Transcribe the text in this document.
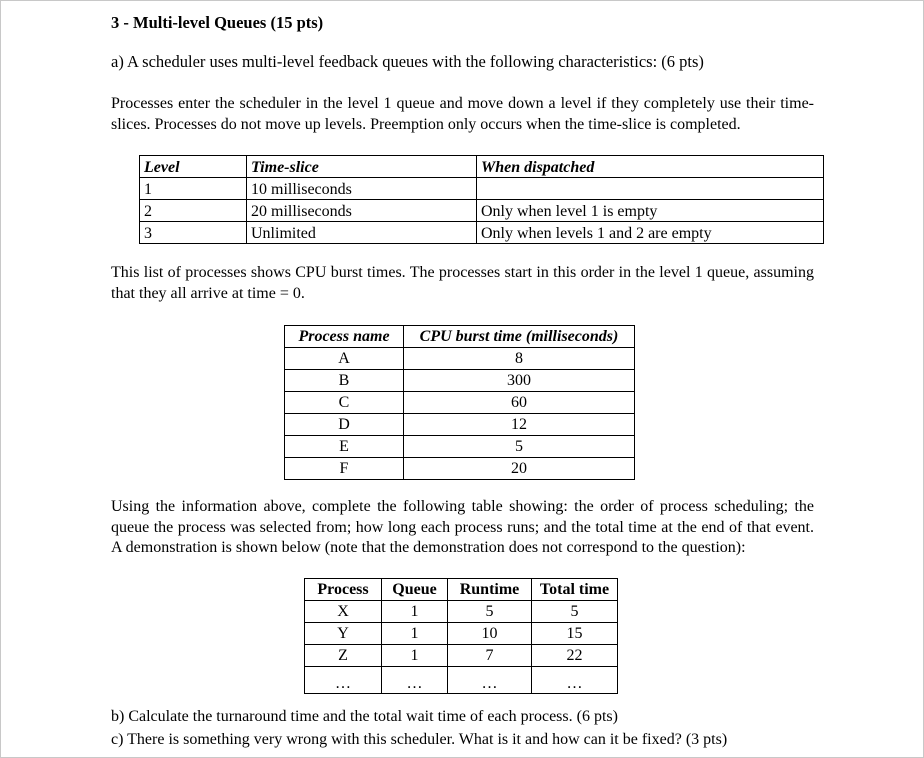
3 - Multi-level Queues (15 pts)
a) A scheduler uses multi-level feedback queues with the following characteristics: (6 pts)

Processes enter the scheduler in the level 1 queue and move down a level if they completely use their time-slices. Processes do not move up levels. Preemption only occurs when the time-slice is completed.

Level	Time-slice	When dispatched
1	10 milliseconds	
2	20 milliseconds	Only when level 1 is empty
3	Unlimited	Only when levels 1 and 2 are empty

This list of processes shows CPU burst times. The processes start in this order in the level 1 queue, assuming that they all arrive at time = 0.

Process name	CPU burst time (milliseconds)
A	8
B	300
C	60
D	12
E	5
F	20

Using the information above, complete the following table showing: the order of process scheduling; the queue the process was selected from; how long each process runs; and the total time at the end of that event. A demonstration is shown below (note that the demonstration does not correspond to the question):

Process	Queue	Runtime	Total time
X	1	5	5
Y	1	10	15
Z	1	7	22
…	…	…	…
b) Calculate the turnaround time and the total wait time of each process. (6 pts)
c) There is something very wrong with this scheduler. What is it and how can it be fixed? (3 pts)
